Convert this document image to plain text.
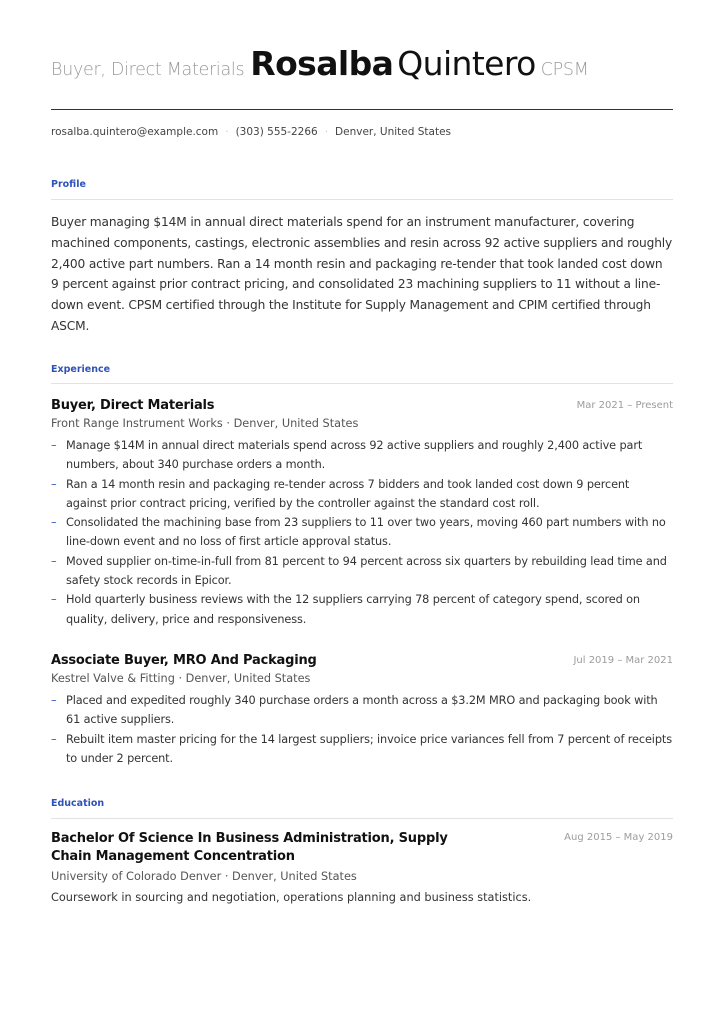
Buyer, Direct Materials Rosalba Quintero CPSM
rosalba.quintero@example.com · (303) 555-2266 · Denver, United States
Profile
Buyer managing $14M in annual direct materials spend for an instrument manufacturer, covering machined components, castings, electronic assemblies and resin across 92 active suppliers and roughly 2,400 active part numbers. Ran a 14 month resin and packaging re-tender that took landed cost down 9 percent against prior contract pricing, and consolidated 23 machining suppliers to 11 without a line-down event. CPSM certified through the Institute for Supply Management and CPIM certified through ASCM.
Experience
Buyer, Direct Materials	Mar 2021 – Present
Front Range Instrument Works · Denver, United States
– Manage $14M in annual direct materials spend across 92 active suppliers and roughly 2,400 active part numbers, about 340 purchase orders a month.
– Ran a 14 month resin and packaging re-tender across 7 bidders and took landed cost down 9 percent against prior contract pricing, verified by the controller against the standard cost roll.
– Consolidated the machining base from 23 suppliers to 11 over two years, moving 460 part numbers with no line-down event and no loss of first article approval status.
– Moved supplier on-time-in-full from 81 percent to 94 percent across six quarters by rebuilding lead time and safety stock records in Epicor.
– Hold quarterly business reviews with the 12 suppliers carrying 78 percent of category spend, scored on quality, delivery, price and responsiveness.
Associate Buyer, MRO And Packaging	Jul 2019 – Mar 2021
Kestrel Valve & Fitting · Denver, United States
– Placed and expedited roughly 340 purchase orders a month across a $3.2M MRO and packaging book with 61 active suppliers.
– Rebuilt item master pricing for the 14 largest suppliers; invoice price variances fell from 7 percent of receipts to under 2 percent.
Education
Bachelor Of Science In Business Administration, Supply Chain Management Concentration
Aug 2015 – May 2019
University of Colorado Denver · Denver, United States
Coursework in sourcing and negotiation, operations planning and business statistics.
